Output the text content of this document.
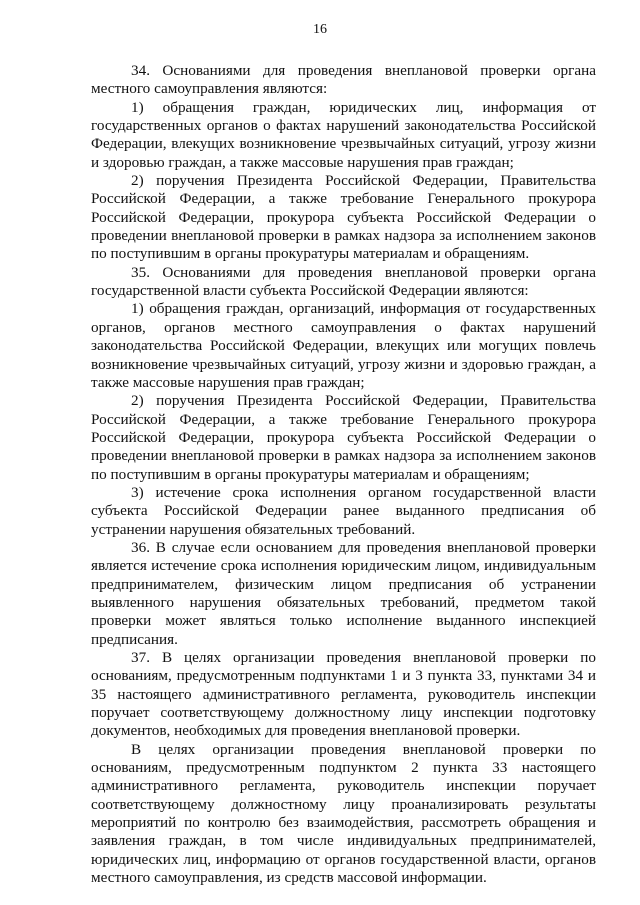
16

34. Основаниями для проведения внеплановой проверки органа местного самоуправления являются:

1) обращения граждан, юридических лиц, информация от государственных органов о фактах нарушений законодательства Российской Федерации, влекущих возникновение чрезвычайных ситуаций, угрозу жизни и здоровью граждан, а также массовые нарушения прав граждан;

2) поручения Президента Российской Федерации, Правительства Российской Федерации, а также требование Генерального прокурора Российской Федерации, прокурора субъекта Российской Федерации о проведении внеплановой проверки в рамках надзора за исполнением законов по поступившим в органы прокуратуры материалам и обращениям.

35. Основаниями для проведения внеплановой проверки органа государственной власти субъекта Российской Федерации являются:

1) обращения граждан, организаций, информация от государственных органов, органов местного самоуправления о фактах нарушений законодательства Российской Федерации, влекущих или могущих повлечь возникновение чрезвычайных ситуаций, угрозу жизни и здоровью граждан, а также массовые нарушения прав граждан;

2) поручения Президента Российской Федерации, Правительства Российской Федерации, а также требование Генерального прокурора Российской Федерации, прокурора субъекта Российской Федерации о проведении внеплановой проверки в рамках надзора за исполнением законов по поступившим в органы прокуратуры материалам и обращениям;

3) истечение срока исполнения органом государственной власти субъекта Российской Федерации ранее выданного предписания об устранении нарушения обязательных требований.

36. В случае если основанием для проведения внеплановой проверки является истечение срока исполнения юридическим лицом, индивидуальным предпринимателем, физическим лицом предписания об устранении выявленного нарушения обязательных требований, предметом такой проверки может являться только исполнение выданного инспекцией предписания.

37. В целях организации проведения внеплановой проверки по основаниям, предусмотренным подпунктами 1 и 3 пункта 33, пунктами 34 и 35 настоящего административного регламента, руководитель инспекции поручает соответствующему должностному лицу инспекции подготовку документов, необходимых для проведения внеплановой проверки.

В целях организации проведения внеплановой проверки по основаниям, предусмотренным подпунктом 2 пункта 33 настоящего административного регламента, руководитель инспекции поручает соответствующему должностному лицу проанализировать результаты мероприятий по контролю без взаимодействия, рассмотреть обращения и заявления граждан, в том числе индивидуальных предпринимателей, юридических лиц, информацию от органов государственной власти, органов местного самоуправления, из средств массовой информации.
